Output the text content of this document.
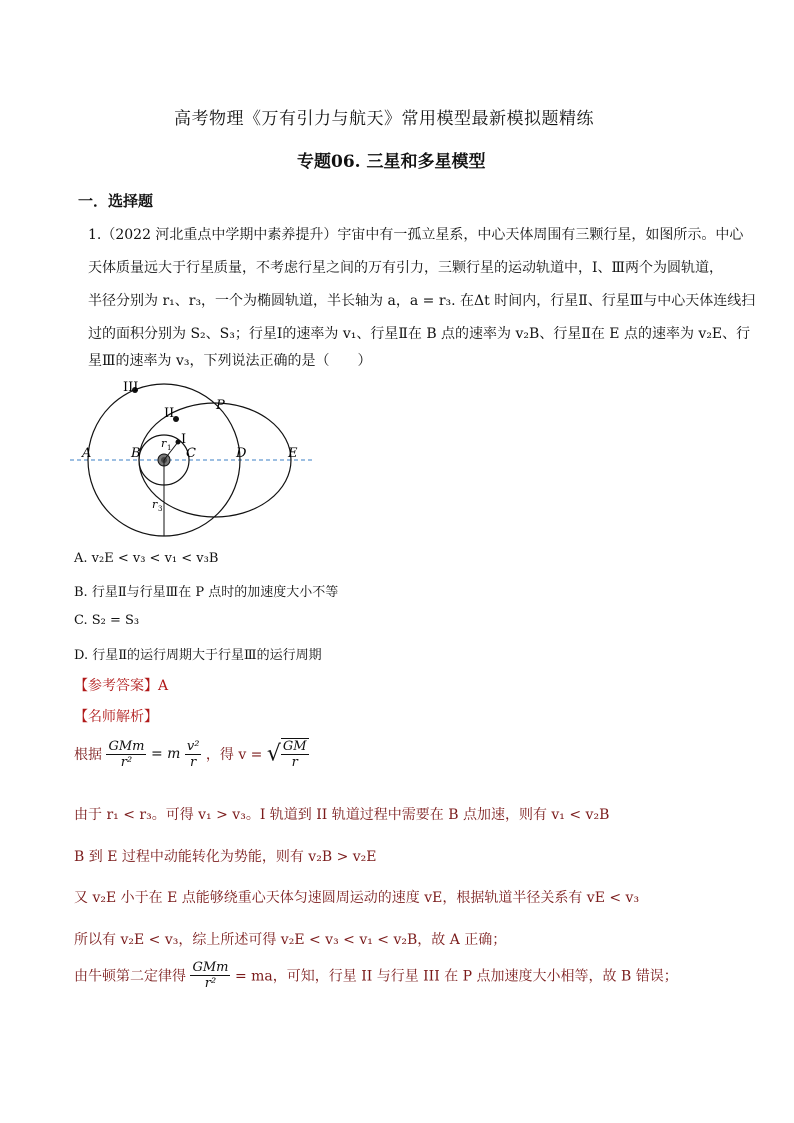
高考物理《万有引力与航天》常用模型最新模拟题精练
专题06. 三星和多星模型
一．选择题
1.（2022 河北重点中学期中素养提升）宇宙中有一孤立星系，中心天体周围有三颗行星，如图所示。中心
天体质量远大于行星质量，不考虑行星之间的万有引力，三颗行星的运动轨道中，Ⅰ、Ⅲ两个为圆轨道，
半径分别为 r₁、r₃，一个为椭圆轨道，半长轴为 a，a = r₃. 在Δt 时间内，行星Ⅱ、行星Ⅲ与中心天体连线扫
过的面积分别为 S₂、S₃；行星Ⅰ的速率为 v₁、行星Ⅱ在 B 点的速率为 v₂B、行星Ⅱ在 E 点的速率为 v₂E、行
星Ⅲ的速率为 v₃，下列说法正确的是（　　）
III
II
I
P
A	B	C	D	E
r 1
r 3
A. v₂E < v₃ < v₁ < v₃B
B. 行星Ⅱ与行星Ⅲ在 P 点时的加速度大小不等
C. S₂ = S₃
D. 行星Ⅱ的运行周期大于行星Ⅲ的运行周期
【参考答案】A
【名师解析】
根据 $\frac{\text{GMm}}{\text{r²}} = m \frac{\text{v²}}{r}$ ，得 v = √ $\frac{GM}{r}$
由于 r₁ < r₃。可得 v₁ > v₃。I 轨道到 II 轨道过程中需要在 B 点加速，则有 v₁ < v₂B
B 到 E 过程中动能转化为势能，则有 v₂B > v₂E
又 v₂E 小于在 E 点能够绕重心天体匀速圆周运动的速度 vE，根据轨道半径关系有 vE < v₃
所以有 v₂E < v₃，综上所述可得 v₂E < v₃ < v₁ < v₂B，故 A 正确；
由牛顿第二定律得 $\frac{\text{GMm}}{\text{r²}}$ = ma，可知，行星 II 与行星 III 在 P 点加速度大小相等，故 B 错误；
